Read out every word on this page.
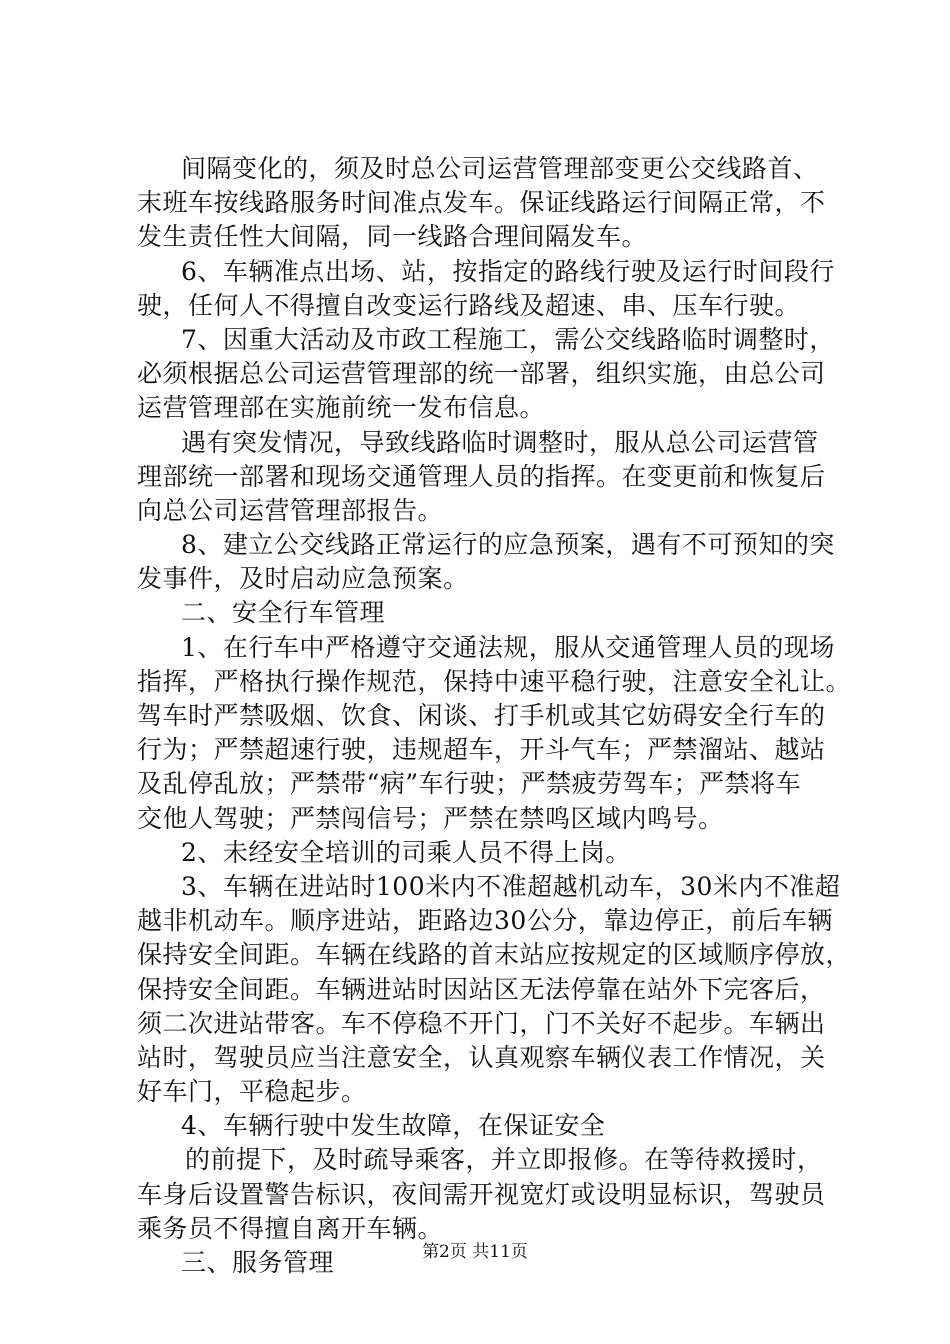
间隔变化的，须及时总公司运营管理部变更公交线路首、
末班车按线路服务时间准点发车。保证线路运行间隔正常，不
发生责任性大间隔，同一线路合理间隔发车。
6、车辆准点出场、站，按指定的路线行驶及运行时间段行
驶，任何人不得擅自改变运行路线及超速、串、压车行驶。
7、因重大活动及市政工程施工，需公交线路临时调整时，
必须根据总公司运营管理部的统一部署，组织实施，由总公司
运营管理部在实施前统一发布信息。
遇有突发情况，导致线路临时调整时，服从总公司运营管
理部统一部署和现场交通管理人员的指挥。在变更前和恢复后
向总公司运营管理部报告。
8、建立公交线路正常运行的应急预案，遇有不可预知的突
发事件，及时启动应急预案。
二、安全行车管理
1、在行车中严格遵守交通法规，服从交通管理人员的现场
指挥，严格执行操作规范，保持中速平稳行驶，注意安全礼让。
驾车时严禁吸烟、饮食、闲谈、打手机或其它妨碍安全行车的
行为；严禁超速行驶，违规超车，开斗气车；严禁溜站、越站
及乱停乱放；严禁带“病”车行驶；严禁疲劳驾车；严禁将车
交他人驾驶；严禁闯信号；严禁在禁鸣区域内鸣号。
2、未经安全培训的司乘人员不得上岗。
3、车辆在进站时100米内不准超越机动车，30米内不准超
越非机动车。顺序进站，距路边30公分，靠边停正，前后车辆
保持安全间距。车辆在线路的首末站应按规定的区域顺序停放，
保持安全间距。车辆进站时因站区无法停靠在站外下完客后，
须二次进站带客。车不停稳不开门，门不关好不起步。车辆出
站时，驾驶员应当注意安全，认真观察车辆仪表工作情况，关
好车门，平稳起步。
4、车辆行驶中发生故障，在保证安全
的前提下，及时疏导乘客，并立即报修。在等待救援时，
车身后设置警告标识，夜间需开视宽灯或设明显标识，驾驶员
乘务员不得擅自离开车辆。
三、服务管理	第2页 共11页
